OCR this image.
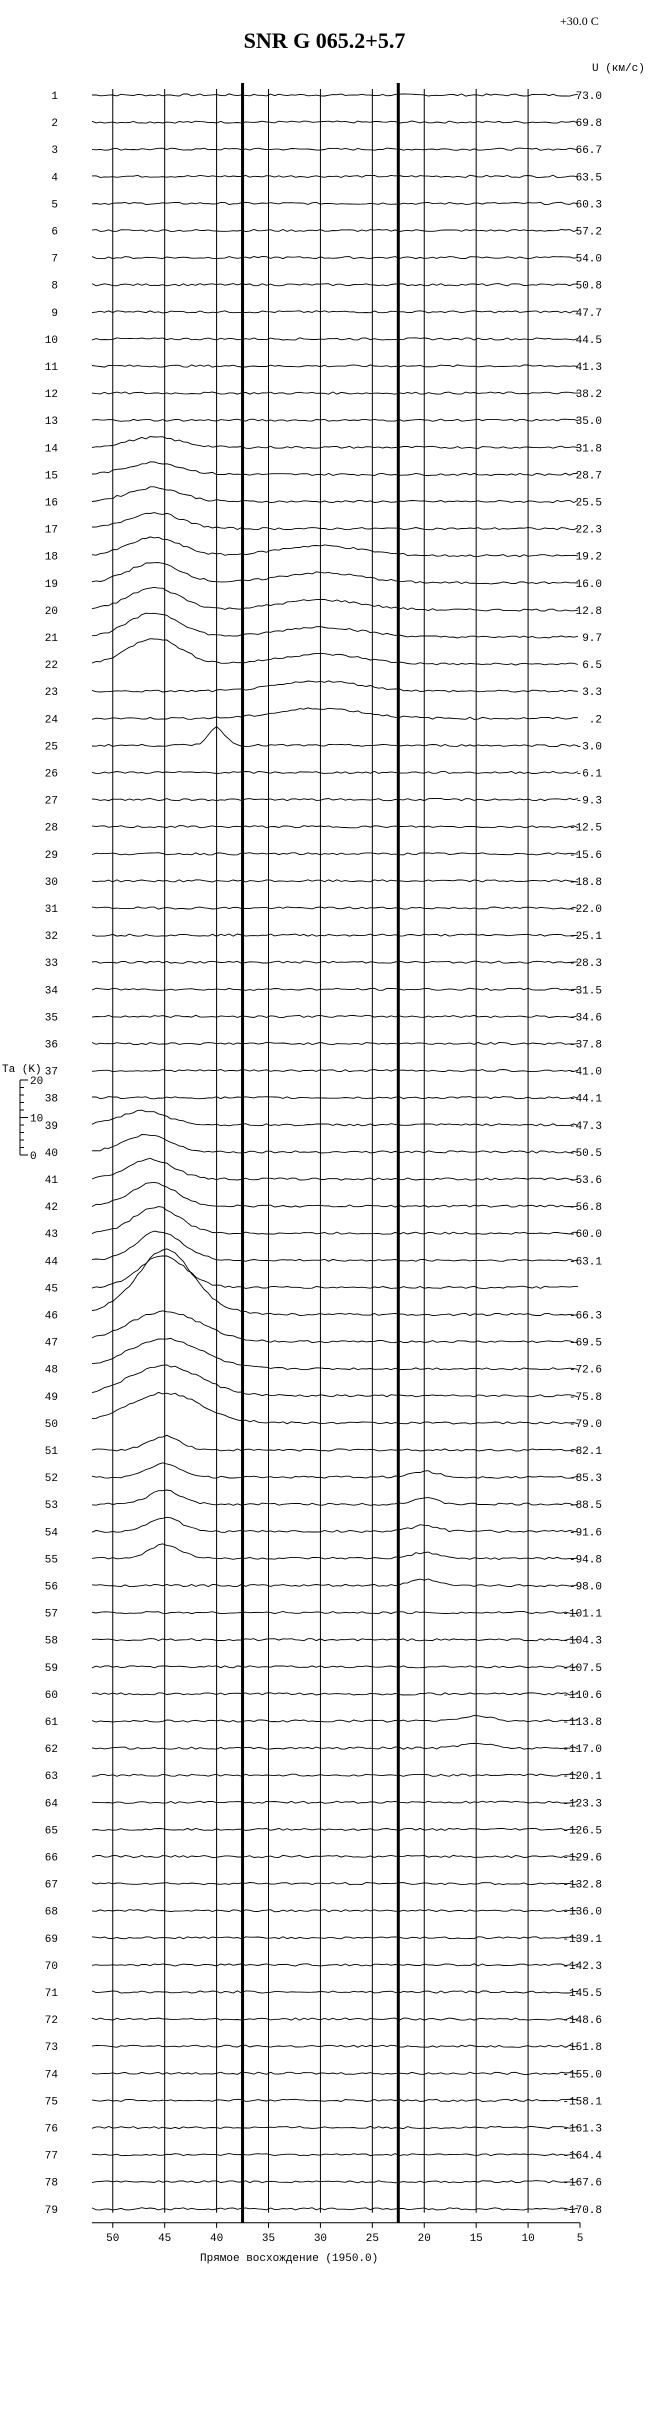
SNR G 065.2+5.7
+30.0 C
1	73.0
2	69.8
3	66.7
4	63.5
5	60.3
6	57.2
7	54.0
8	50.8
9	47.7
10	44.5
11	41.3
12	38.2
13	35.0
14	31.8
15	28.7
16	25.5
17	22.3
18	19.2
19	16.0
20	12.8
21	9.7
22	6.5
23	3.3
24	.2
25	-3.0
26	-6.1
27	-9.3
28	-12.5
29	-15.6
30	-18.8
31	-22.0
32	-25.1
33	-28.3
34	-31.5
35	-34.6
36	-37.8
37	-41.0
38	-44.1
39	-47.3
40	-50.5
41	-53.6
42	-56.8
43	-60.0
44	-63.1
45
46	-66.3
47	-69.5
48	-72.6
49	-75.8
50	-79.0
51	-82.1
52	-85.3
53	-88.5
54	-91.6
55	-94.8
56	-98.0
57	-101.1
58	-104.3
59	-107.5
60	-110.6
61	-113.8
62	-117.0
63	-120.1
64	-123.3
65	-126.5
66	-129.6
67	-132.8
68	-136.0
69	-139.1
70	-142.3
71	-145.5
72	-148.6
73	-151.8
74	-155.0
75	-158.1
76	-161.3
77	-164.4
78	-167.6
79	-170.8
50	45	40	35	30	25	20	15	10	5
Ta (K)
20
10
0
U (км/с)
Прямое восхождение (1950.0)
